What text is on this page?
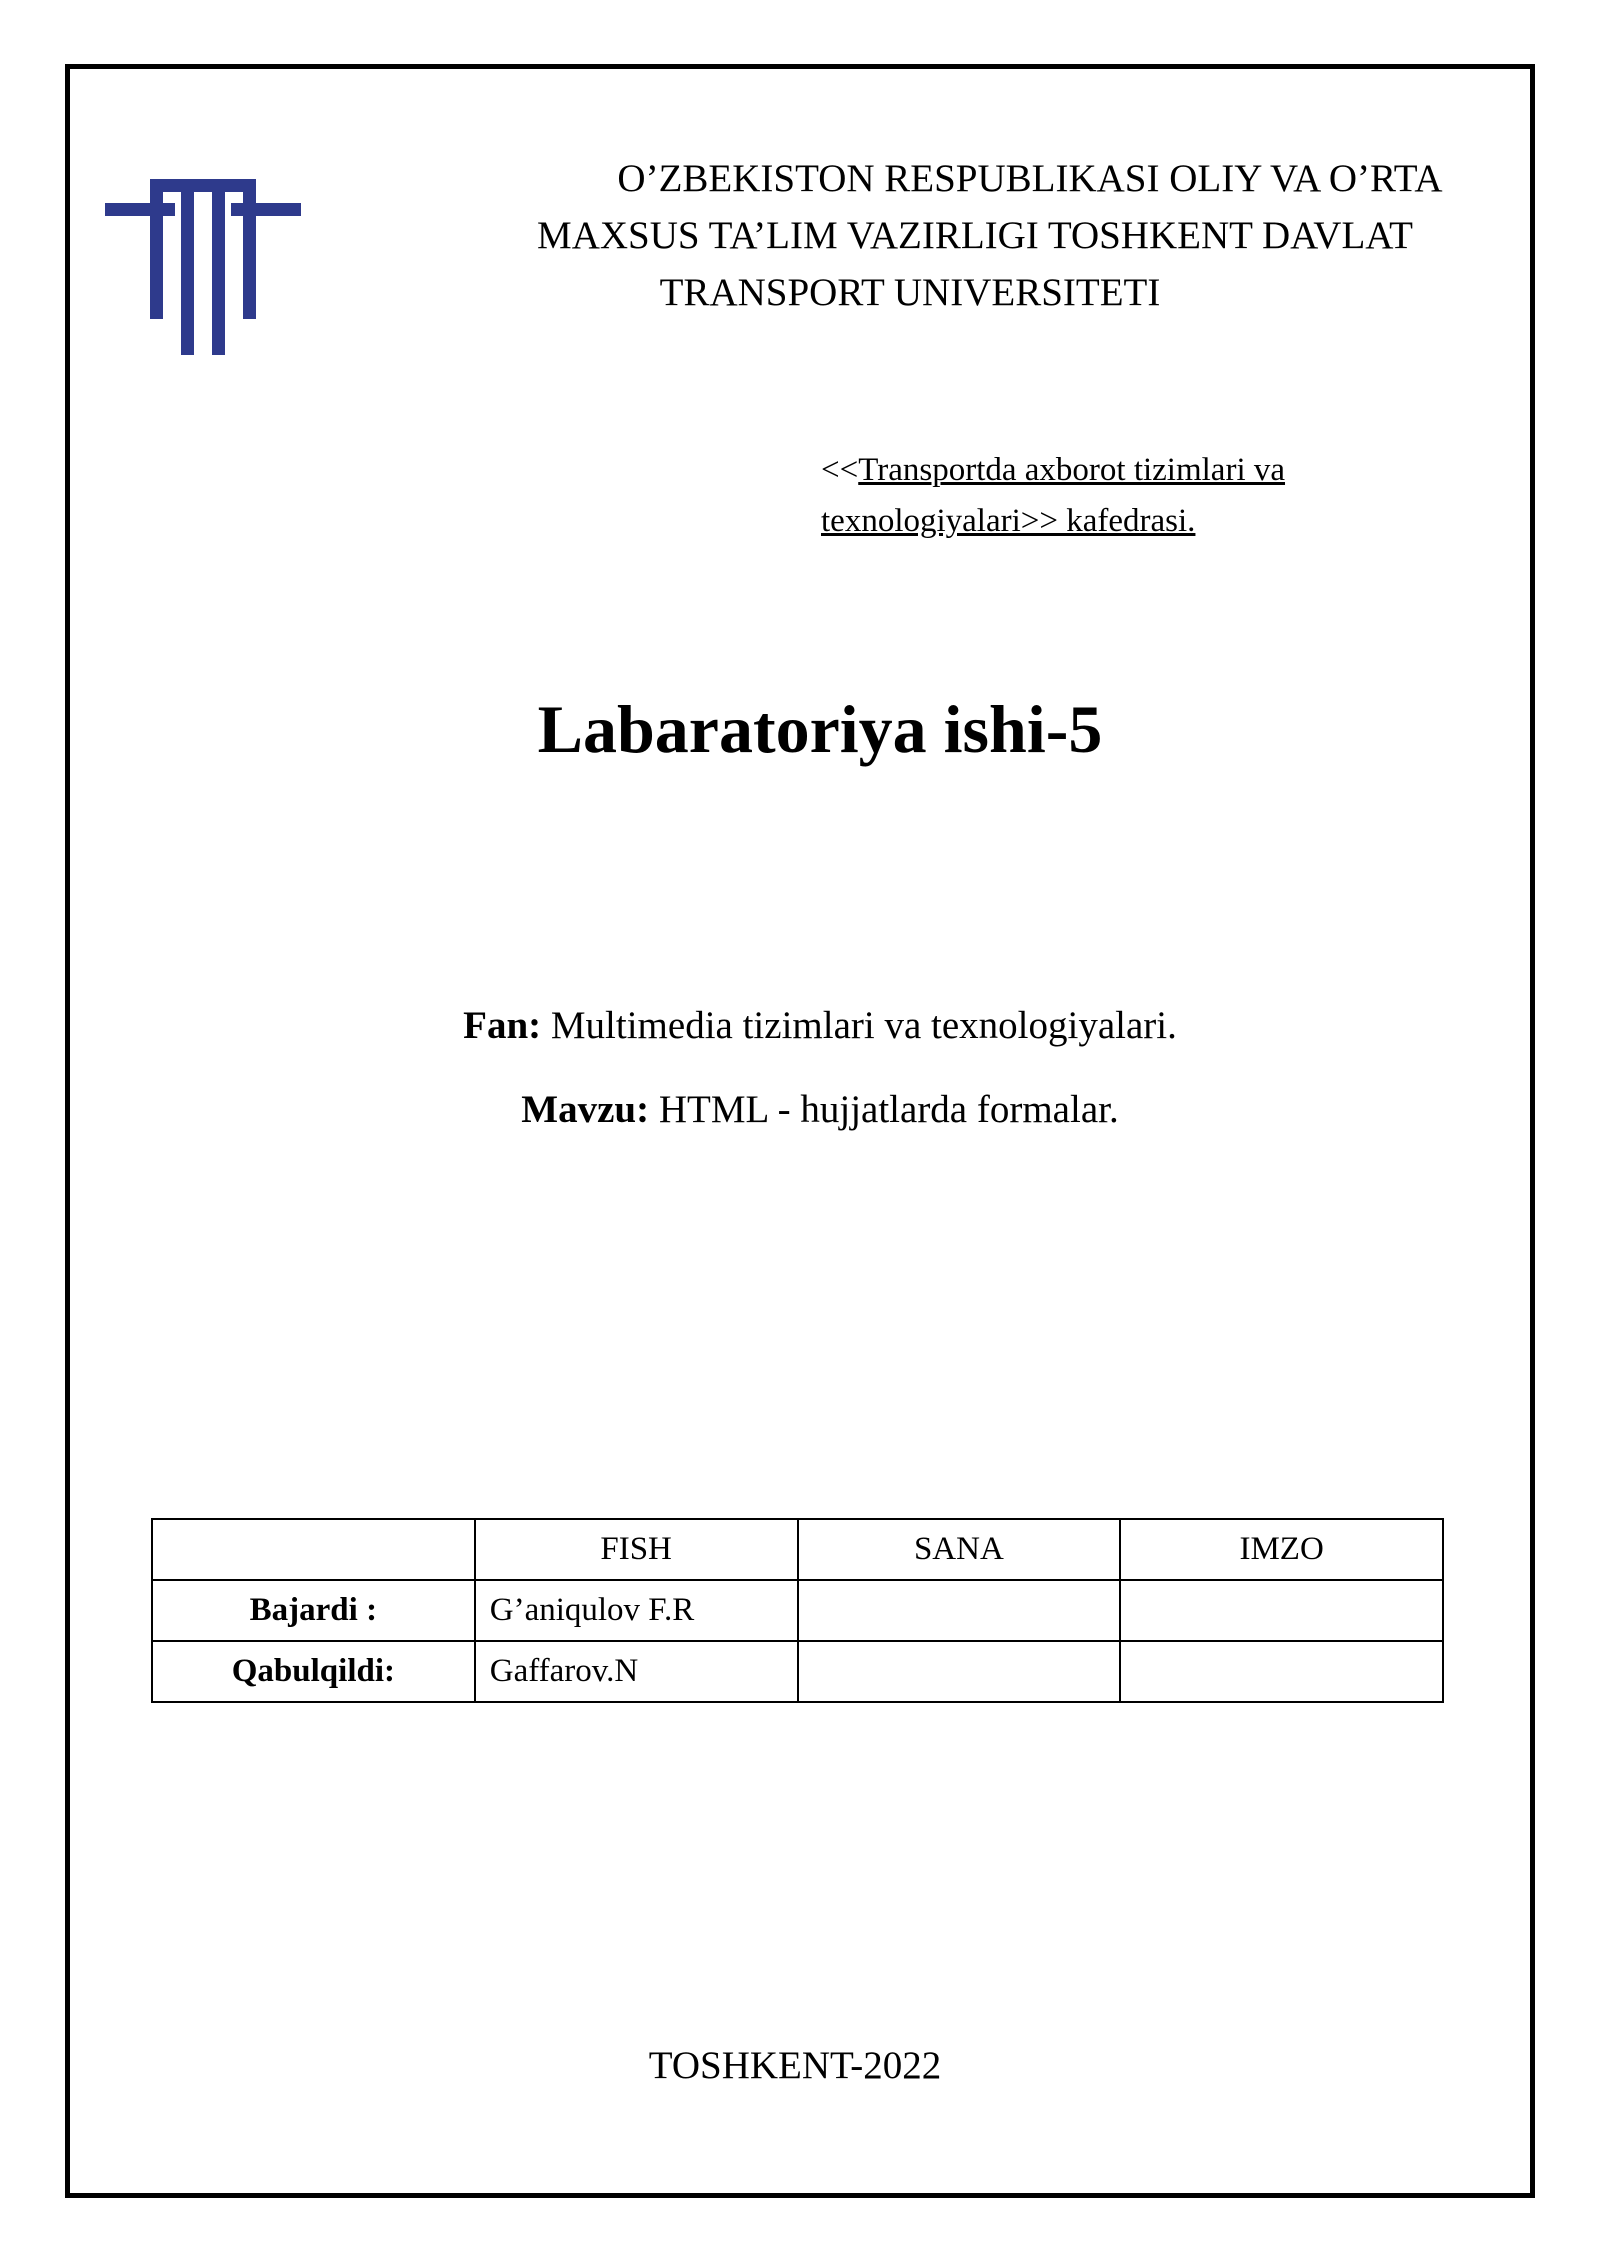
O’ZBEKISTON RESPUBLIKASI OLIY VA O’RTA
MAXSUS TA’LIM VAZIRLIGI TOSHKENT DAVLAT
TRANSPORT UNIVERSITETI

<<Transportda axborot tizimlari va
texnologiyalari>> kafedrasi.

Labaratoriya ishi-5

Fan: Multimedia tizimlari va texnologiyalari.

Mavzu: HTML - hujjatlarda formalar.

	FISH	SANA	IMZO
Bajardi :	G’aniqulov F.R		
Qabulqildi:	Gaffarov.N		

TOSHKENT-2022
